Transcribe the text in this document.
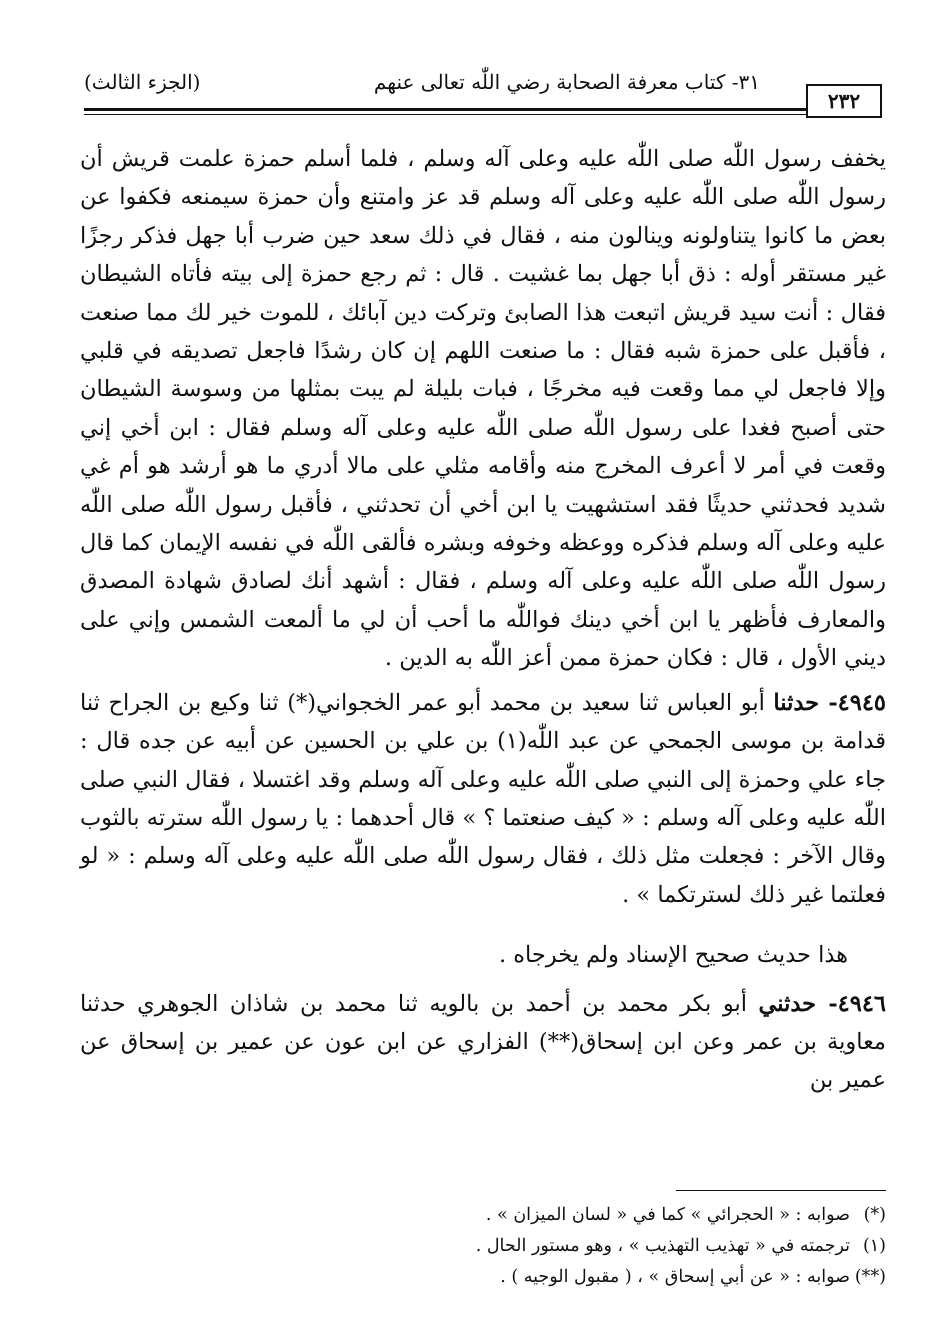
٣١- كتاب معرفة الصحابة رضي اللّٰه تعالى عنهم
(الجزء الثالث)
٢٣٢

يخفف رسول اللّٰه صلى اللّٰه عليه وعلى آله وسلم ، فلما أسلم حمزة علمت قريش أن رسول اللّٰه صلى اللّٰه عليه وعلى آله وسلم قد عز وامتنع وأن حمزة سيمنعه فكفوا عن بعض ما كانوا يتناولونه وينالون منه ، فقال في ذلك سعد حين ضرب أبا جهل فذكر رجزًا غير مستقر أوله : ذق أبا جهل بما غشيت . قال : ثم رجع حمزة إلى بيته فأتاه الشيطان فقال : أنت سيد قريش اتبعت هذا الصابئ وتركت دين آبائك ، للموت خير لك مما صنعت ، فأقبل على حمزة شبه فقال : ما صنعت اللهم إن كان رشدًا فاجعل تصديقه في قلبي وإلا فاجعل لي مما وقعت فيه مخرجًا ، فبات بليلة لم يبت بمثلها من وسوسة الشيطان حتى أصبح فغدا على رسول اللّٰه صلى اللّٰه عليه وعلى آله وسلم فقال : ابن أخي إني وقعت في أمر لا أعرف المخرج منه وأقامه مثلي على مالا أدري ما هو أرشد هو أم غي شديد فحدثني حديثًا فقد استشهيت يا ابن أخي أن تحدثني ، فأقبل رسول اللّٰه صلى اللّٰه عليه وعلى آله وسلم فذكره ووعظه وخوفه وبشره فألقى اللّٰه في نفسه الإيمان كما قال رسول اللّٰه صلى اللّٰه عليه وعلى آله وسلم ، فقال : أشهد أنك لصادق شهادة المصدق والمعارف فأظهر يا ابن أخي دينك فواللّٰه ما أحب أن لي ما ألمعت الشمس وإني على ديني الأول ، قال : فكان حمزة ممن أعز اللّٰه به الدين .

٤٩٤٥- حدثنا أبو العباس ثنا سعيد بن محمد أبو عمر الخجواني(*) ثنا وكيع بن الجراح ثنا قدامة بن موسى الجمحي عن عبد اللّٰه(١) بن علي بن الحسين عن أبيه عن جده قال : جاء علي وحمزة إلى النبي صلى اللّٰه عليه وعلى آله وسلم وقد اغتسلا ، فقال النبي صلى اللّٰه عليه وعلى آله وسلم : « كيف صنعتما ؟ » قال أحدهما : يا رسول اللّٰه سترته بالثوب وقال الآخر : فجعلت مثل ذلك ، فقال رسول اللّٰه صلى اللّٰه عليه وعلى آله وسلم : « لو فعلتما غير ذلك لسترتكما » .

هذا حديث صحيح الإسناد ولم يخرجاه .

٤٩٤٦- حدثني أبو بكر محمد بن أحمد بن بالويه ثنا محمد بن شاذان الجوهري حدثنا معاوية بن عمر وعن ابن إسحاق(**) الفزاري عن ابن عون عن عمير بن إسحاق عن عمير بن

(*)صوابه : « الحجرائي » كما في « لسان الميزان » .

(١)ترجمته في « تهذيب التهذيب » ، وهو مستور الحال .

(**)صوابه : « عن أبي إسحاق » ، ( مقبول الوجيه ) .
